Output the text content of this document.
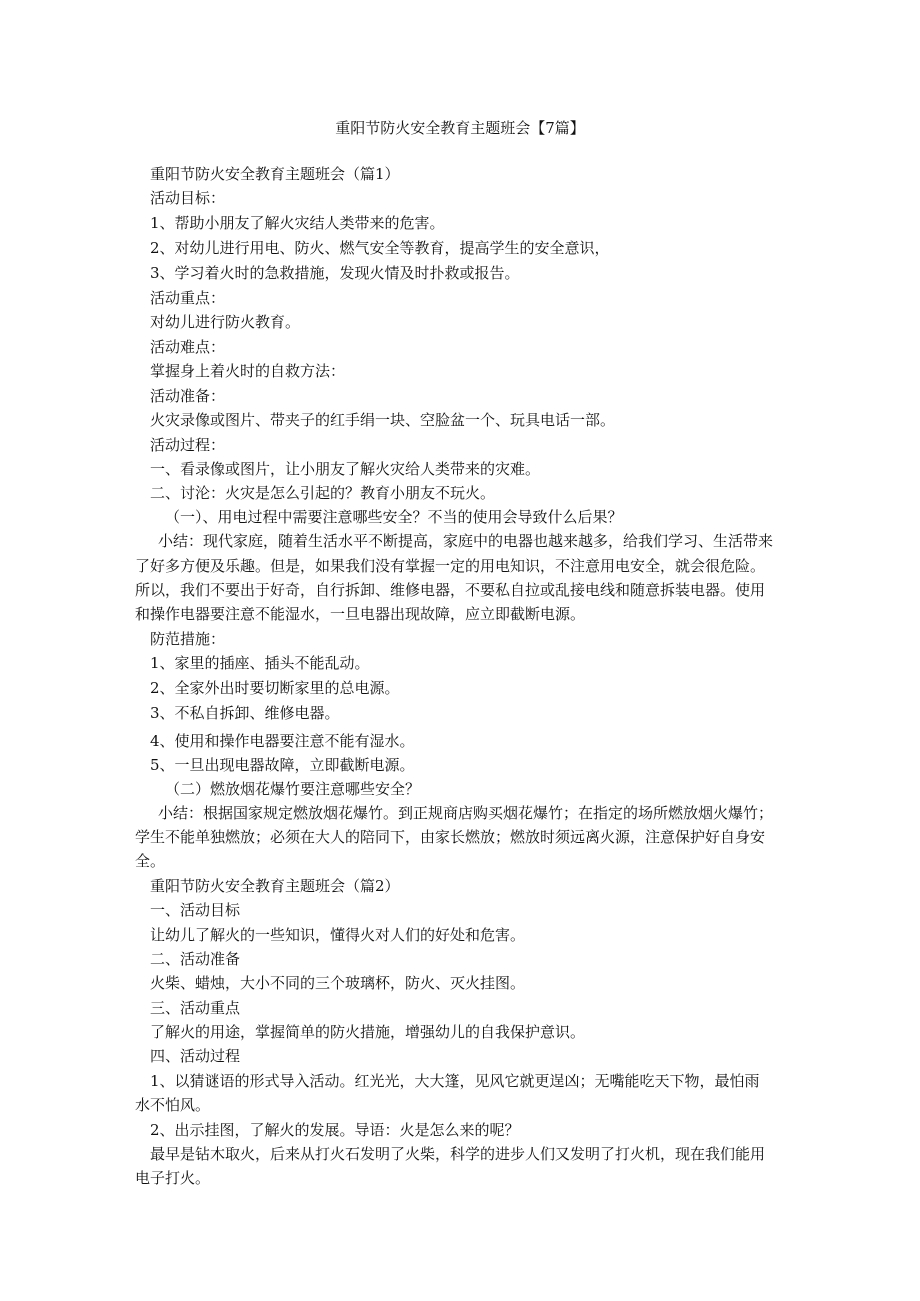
重阳节防火安全教育主题班会【7篇】
重阳节防火安全教育主题班会（篇1）
活动目标：
1、帮助小朋友了解火灾结人类带来的危害。
2、对幼儿进行用电、防火、燃气安全等教育，提高学生的安全意识，
3、学习着火时的急救措施，发现火情及时扑救或报告。
活动重点：
对幼儿进行防火教育。
活动难点：
掌握身上着火时的自救方法：
活动准备：
火灾录像或图片、带夹子的红手绢一块、空脸盆一个、玩具电话一部。
活动过程：
一、看录像或图片，让小朋友了解火灾给人类带来的灾难。
二、讨沦：火灾是怎么引起的？教育小朋友不玩火。
（一）、用电过程中需要注意哪些安全？不当的使用会导致什么后果？
小结：现代家庭，随着生活水平不断提高，家庭中的电器也越来越多，给我们学习、生活带来
了好多方便及乐趣。但是，如果我们没有掌握一定的用电知识，不注意用电安全，就会很危险。
所以，我们不要出于好奇，自行拆卸、维修电器，不要私自拉或乱接电线和随意拆装电器。使用
和操作电器要注意不能湿水，一旦电器出现故障，应立即截断电源。
防范措施：
1、家里的插座、插头不能乱动。
2、全家外出时要切断家里的总电源。
3、不私自拆卸、维修电器。
4、使用和操作电器要注意不能有湿水。
5、一旦出现电器故障，立即截断电源。
（二）燃放烟花爆竹要注意哪些安全？
小结：根据国家规定燃放烟花爆竹。到正规商店购买烟花爆竹；在指定的场所燃放烟火爆竹；
学生不能单独燃放；必须在大人的陪同下，由家长燃放；燃放时须远离火源，注意保护好自身安
全。
重阳节防火安全教育主题班会（篇2）
一、活动目标
让幼儿了解火的一些知识，懂得火对人们的好处和危害。
二、活动准备
火柴、蜡烛，大小不同的三个玻璃杯，防火、灭火挂图。
三、活动重点
了解火的用途，掌握简单的防火措施，增强幼儿的自我保护意识。
四、活动过程
1、以猜谜语的形式导入活动。红光光，大大篷，见风它就更逞凶；无嘴能吃天下物，最怕雨
水不怕风。
2、出示挂图，了解火的发展。导语：火是怎么来的呢？
最早是钻木取火，后来从打火石发明了火柴，科学的进步人们又发明了打火机，现在我们能用
电子打火。
